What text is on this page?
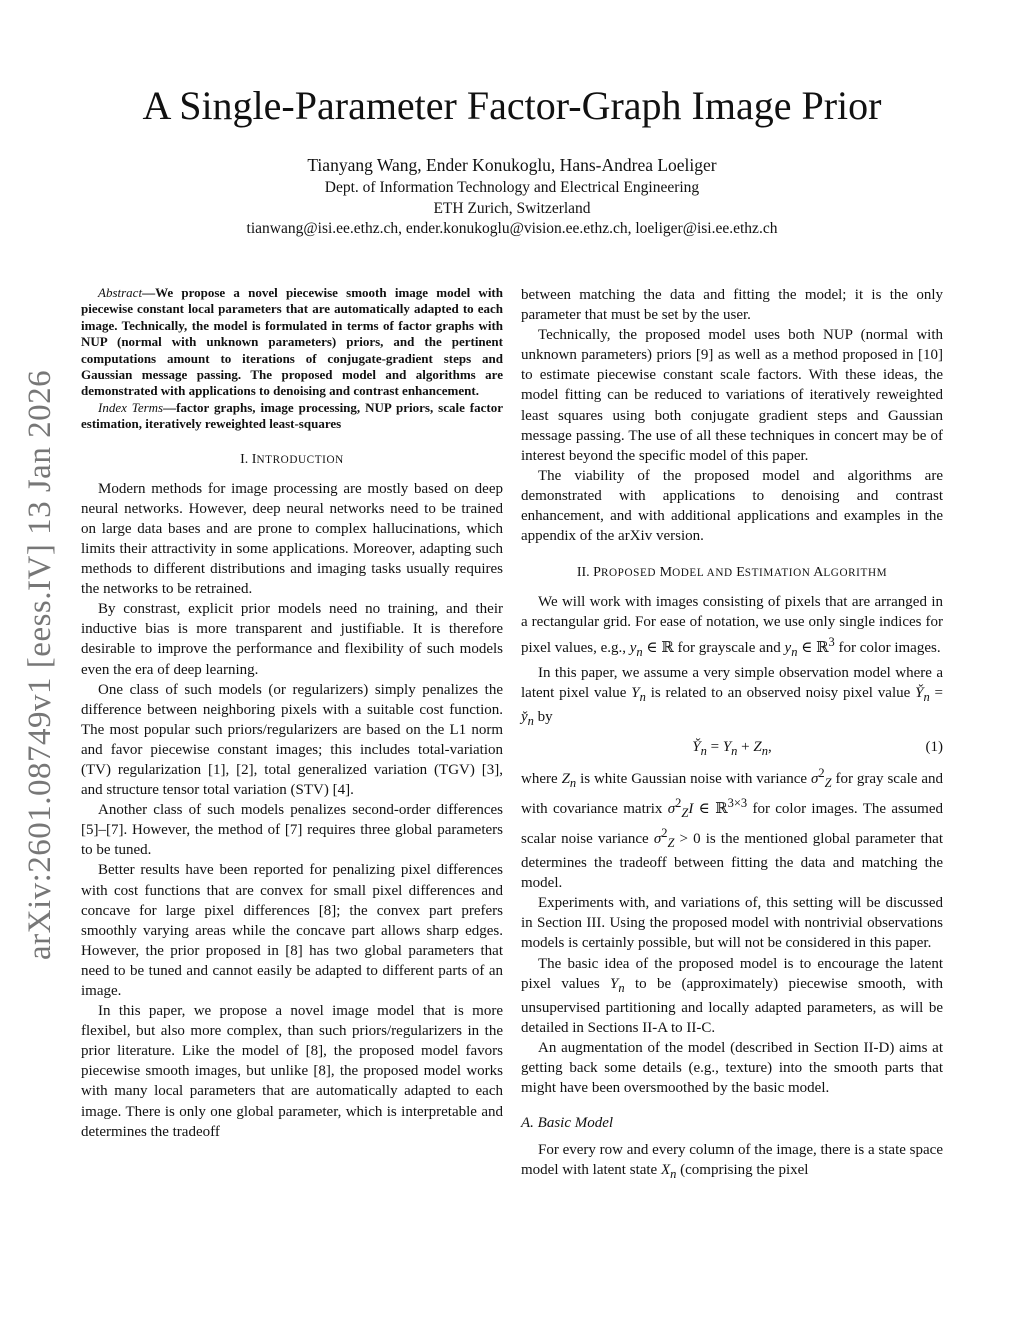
arXiv:2601.08749v1 [eess.IV] 13 Jan 2026
A Single-Parameter Factor-Graph Image Prior
Tianyang Wang, Ender Konukoglu, Hans-Andrea Loeliger
Dept. of Information Technology and Electrical Engineering
ETH Zurich, Switzerland
tianwang@isi.ee.ethz.ch, ender.konukoglu@vision.ee.ethz.ch, loeliger@isi.ee.ethz.ch

Abstract—We propose a novel piecewise smooth image model with piecewise constant local parameters that are automatically adapted to each image. Technically, the model is formulated in terms of factor graphs with NUP (normal with unknown parameters) priors, and the pertinent computations amount to iterations of conjugate-gradient steps and Gaussian message passing. The proposed model and algorithms are demonstrated with applications to denoising and contrast enhancement.

Index Terms—factor graphs, image processing, NUP priors, scale factor estimation, iteratively reweighted least-squares

I. INTRODUCTION

Modern methods for image processing are mostly based on deep neural networks. However, deep neural networks need to be trained on large data bases and are prone to complex hallucinations, which limits their attractivity in some applications. Moreover, adapting such methods to different distributions and imaging tasks usually requires the networks to be retrained.

By constrast, explicit prior models need no training, and their inductive bias is more transparent and justifiable. It is therefore desirable to improve the performance and flexibility of such models even the era of deep learning.

One class of such models (or regularizers) simply penalizes the difference between neighboring pixels with a suitable cost function. The most popular such priors/regularizers are based on the L1 norm and favor piecewise constant images; this includes total-variation (TV) regularization [1], [2], total generalized variation (TGV) [3], and structure tensor total variation (STV) [4].

Another class of such models penalizes second-order differences [5]–[7]. However, the method of [7] requires three global parameters to be tuned.

Better results have been reported for penalizing pixel differences with cost functions that are convex for small pixel differences and concave for large pixel differences [8]; the convex part prefers smoothly varying areas while the concave part allows sharp edges. However, the prior proposed in [8] has two global parameters that need to be tuned and cannot easily be adapted to different parts of an image.

In this paper, we propose a novel image model that is more flexibel, but also more complex, than such priors/regularizers in the prior literature. Like the model of [8], the proposed model favors piecewise smooth images, but unlike [8], the proposed model works with many local parameters that are automatically adapted to each image. There is only one global parameter, which is interpretable and determines the tradeoff

between matching the data and fitting the model; it is the only parameter that must be set by the user.

Technically, the proposed model uses both NUP (normal with unknown parameters) priors [9] as well as a method proposed in [10] to estimate piecewise constant scale factors. With these ideas, the model fitting can be reduced to variations of iteratively reweighted least squares using both conjugate gradient steps and Gaussian message passing. The use of all these techniques in concert may be of interest beyond the specific model of this paper.

The viability of the proposed model and algorithms are demonstrated with applications to denoising and contrast enhancement, and with additional applications and examples in the appendix of the arXiv version.

II. PROPOSED MODEL AND ESTIMATION ALGORITHM

We will work with images consisting of pixels that are arranged in a rectangular grid. For ease of notation, we use only single indices for pixel values, e.g., $y_n$ ∈ ℝ for grayscale and $y_n$ ∈ ℝ$^3$ for color images.

In this paper, we assume a very simple observation model where a latent pixel value $Y_n$ is related to an observed noisy pixel value $Y̌_n$ = $y̌_n$ by

$Y̌_n = Y_n + Z_n$,	(1)

where $Z_n$ is white Gaussian noise with variance $\sigma^2_Z$ for gray scale and with covariance matrix $\sigma^2_ZI$ ∈ ℝ$^{3\times 3}$ for color images. The assumed scalar noise variance $\sigma^2_Z > 0$ is the mentioned global parameter that determines the tradeoff between fitting the data and matching the model.

Experiments with, and variations of, this setting will be discussed in Section III. Using the proposed model with nontrivial observations models is certainly possible, but will not be considered in this paper.

The basic idea of the proposed model is to encourage the latent pixel values $Y_n$ to be (approximately) piecewise smooth, with unsupervised partitioning and locally adapted parameters, as will be detailed in Sections II-A to II-C.

An augmentation of the model (described in Section II-D) aims at getting back some details (e.g., texture) into the smooth parts that might have been oversmoothed by the basic model.

A. Basic Model

For every row and every column of the image, there is a state space model with latent state $X_n$ (comprising the pixel
